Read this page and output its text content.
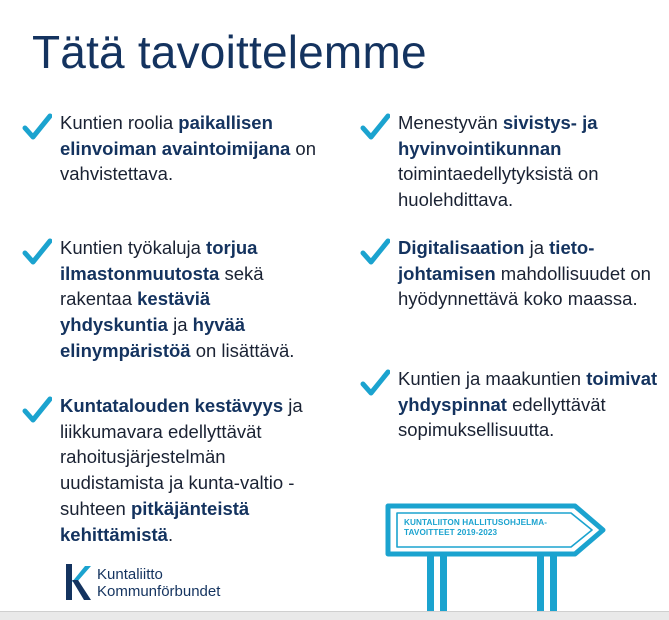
Tätä tavoittelemme
Kuntien roolia paikallisen elinvoiman avaintoimijana on vahvistettava.
Kuntien työkaluja torjua ilmastonmuutosta sekä rakentaa kestäviä yhdyskuntia ja hyvää elinympäristöä on lisättävä.
Kuntatalouden kestävyys ja liikkumavara edellyttävät rahoitusjärjestelmän uudistamista ja kunta-valtio -suhteen pitkäjänteistä kehittämistä.
Menestyvän sivistys- ja hyvinvointikunnan toimintaedellytyksistä on huolehdittava.
Digitalisaation ja tieto-johtamisen mahdollisuudet on hyödynnettävä koko maassa.
Kuntien ja maakuntien toimivat yhdyspinnat edellyttävät sopimuksellisuutta.
Kuntaliitto
Kommunförbundet
KUNTALIITON HALLITUSOHJELMA-
TAVOITTEET 2019-2023
